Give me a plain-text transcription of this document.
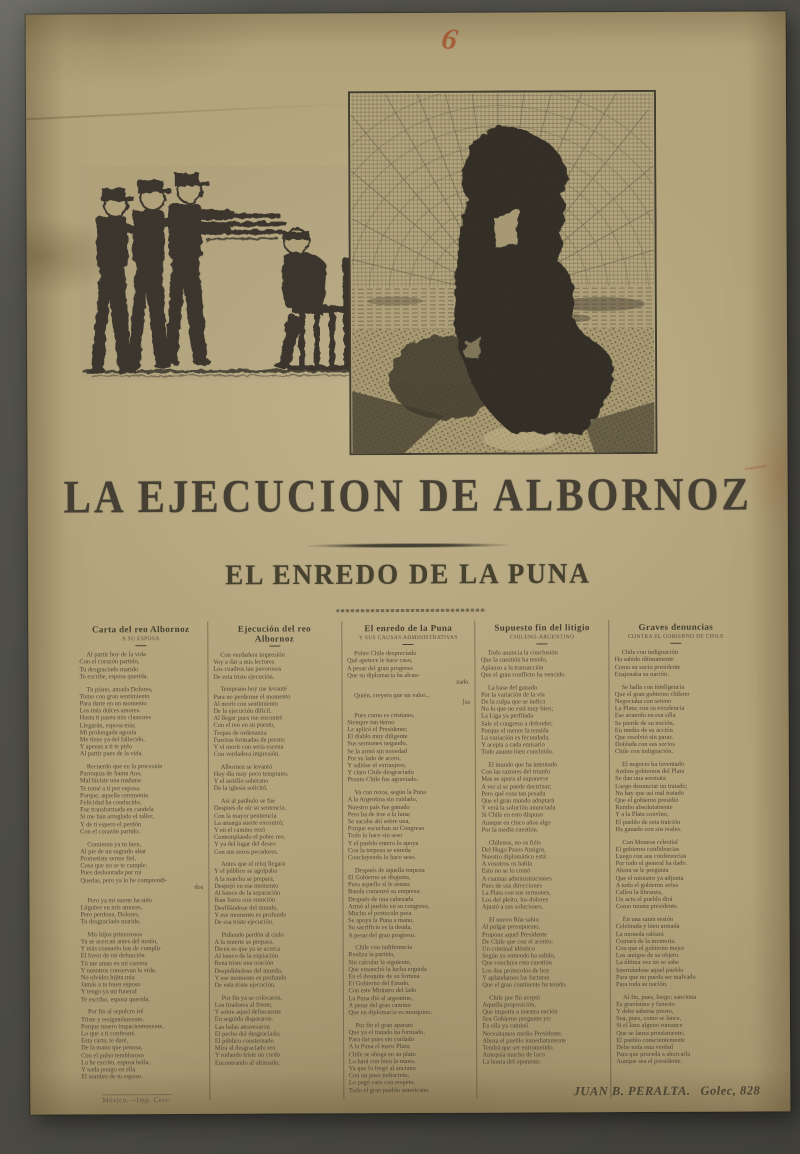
6
LA EJECUCION DE ALBORNOZ
EL ENREDO DE LA PUNA
Carta del reo Albornoz
A SU ESPOSA
Al partir hoy de la vida
Con el corazón partido,
Tu desgraciado marido
Te escribe, esposa querida.
Tu piano, amada Dolores,
Tomo con gran sentimiento
Para darte en un momento
Los más dulces amores.
Hasta ti pasen mis clamores
Llegarán, esposa mía;
Mi prolongada agonía
Me tiene ya del fallecido,
Y apenas a ti te pido
Al partir pues de la vida.
Recuerdo que en la procesión
Parroquia de Santa Ana,
Mal hiciste una mañana
Te tomé a ti por esposa.
Porque, aquella ceremonia
Felicidad ha conducido,
Fue transformada en candela
Si me han arreglado el taller,
Y de ti espero el perdón
Con el corazón partido.
Comieron ya tu bien,
Al pie de un sagrado altar
Prometiste serme fiel,
Cosa que no se te cumple;
Pues deshonrada por mí
Quedas, pero ya lo he comprendi-
dos
Pero ya mi suerte ha sido
Lúgubre en mis amores,
Pero perdona, Dolores,
Tu desgraciado marido.
Mis hijos primorosos
Ya se acercan antes del motín,
Y más consuelo has de cumplir
El favor de mi defunción.
Tú me amas en mi carrera
Y nosotros conservan la vida.
No olvides hijita mía
Jamás a tu buen esposo
Y tengo ya mi funeral
Te escribo, esposa querida.
Por fin al sepulcro iré
Triste y resignadamente,
Porque muero impacientemente,
Lo que a ti confesaré.
Esta carta, te daré,
De la mano que penosa,
Con el pulso tembloroso
La he escrito, esposa bella,
Y nada pongo en ella
El nombre de tu esposo.
Ejecución del reo
Albornoz
Con verdadera impresión
Voy a dar a mis lectores
Los cuadros tan pavorosos
De esta triste ejecución.
Temprano hoy me levanté
Para no perderme el momento
Al morir con sentimiento
De la ejecución difícil.
Al llegar pues me encontré
Con el reo en su puesto,
Tropas de ordenanza
Fuerzas formadas de presto;
Y vi morir con seria escena
Con verdadera impresión.
Albornoz se levantó
Hoy día muy poco temprano,
Y el auxilio soberano
De la iglesia solicitó.
Así al patíbulo se fue
Después de oír su sentencia,
Con la mayor penitencia
La amarga suerte encontró;
Y en el camino rezó
Contemplando el pobre reo,
Y ya del lugar del deseo
Con sus rezos pecadores.
Antes que el reloj llegara
Y el público se agolpaba
A la marcha se prepara,
Despejó en ese momento
Al banco de la separación
Iban listos con emoción
Desfilándose del mundo,
Y ese momento es profundo
De esa triste ejecución.
Pidiendo perdón al cielo
A la muerte se prepara.
Dicen es que ya se acerca
Al banco de la expiación
Reza triste una oración
Despidiéndose del mundo,
Y ese momento es profundo
De esta triste ejecución.
Por fin ya se colocaron,
Los tiradores al frente,
Y sobre aquel delincuente
En seguida dispararon.
Las balas atravesaron
El pecho del desgraciado;
El público consternado
Mira al desgraciado reo
Y rodando triste un credo
Encontrando al ultimado.
El enredo de la Puna
Y SUS CAUSAS ADMINISTRATIVAS
Pobre Chile despreciado
Qué apetece le hace caso,
A pesar del gran progreso
Que su diplomacia ha alcan-
zado.
Quién, creyera que un valor...
[sa
Pues como es cristiano,
Siempre tan tierno
Le aplicó el Presidente;
El diablo muy diligente
Sus sermones negando,
Se la armó sin novedad
Por su lado de acero,
Y salióse el extranjero,
Y claro Chile desgraciado
Pronto Chile fue agraviado.
Va con rezos, según la Puna
A la Argentina sin cuidado,
Nuestro país fue ganado
Pero ha de irse a la luna;
Se sacaba ahí sobre una,
Porque escuchan su Congreso
Todo lo hace sin seso
Y el pueblo entero lo apoya
Con la torpeza se enreda
Concluyendo lo hace seso.
Después de aquella torpeza
El Gobierno se disgusta,
Pues aquello sí le asusta
Banda comenzó su empresa:
Después de una cabezada
Armó al pueblo en su congreso,
Mucho el protocolo pesa
Se apoya la Puna a mano,
Su sacrificio es la deuda,
A pesar del gran progreso.
Chile con indiferencia
Realiza la partida,
Sin calcular la siguiente,
Que ensanchó la lucha erguida
En el desquite de su fortuna
El Gobierno del Estado,
Con este Ministro del lado
La Puna dió al argentino,
A pesar del gran camino
Que en diplomacia es mezquino.
Por fin el gran aparato
Que ya el tratado ha formado,
Para dar pues sin cuidado
A la Puna el mero Plata;
Chile se ahoga en su plato
Lo hará con bien la mano,
Ya que lo fregó al anciano
Con un paso indiscreto,
Lo pagó caro con respeto,
Todo el gran pueblo americano.
Supuesto fin del litigio
CHILENO-ARGENTINO
Todo anuncia la conclusión
Que la cuestión ha tenido,
Aplauso a la transacción
Que el gran conflicto ha vencido.
La base del ganado
Por la variación de la vía
De la culpa que se indica
No lo que no está muy bien;
La Liga ya perfilada
Sale el congreso a defender,
Porque el menor la temida
La variación es fecundada,
Y acepta a cada emisario
Todo asunto bien concluido.
El mundo que ha intentado
Con las razones del triunfo
Mas se apura al suponerse
A ver si se puede doctrinar;
Pero qué cosa tan pesada
Que el gran mundo adoptará
Y verá la solución anunciada
Si Chile en esto dispuso
Aunque en cinco años algo
Por la media cuestión.
Chilenos, no os fiéis
Del Hugo Pasos Amigos,
Nuestro diplomático está:
A vosotros os habla
Esto no se lo contó
A cuantas administraciones
Pues de sus direcciones
La Plata con sus sermones,
Los del pleito, los dolores
Ajustó a sus soluciones.
El nuevo Rúa sabio
Al pulgar presupuesto,
Propone aquel Presidente
De Chile que con el acento;
Un criminal idéntico
Según ya entiendo ha salido,
Que concluya esta cuestión
Los dos protocolos de hoy
Y aplaudamos las facturas
Que el gran continente ha tenido.
Chile por fin aceptó
Aquella proposición,
Que importa a nuestra nación
Sea Gobierno pregunto yo:
En ella ya caminó
Necesitamos medio Presidente,
Ahora el pueblo inmediatamente
Tendrá que ser entrometido,
Autopsia mucho de loco
La honra del oponente.
Graves denuncias
CONTRA EL GOBIERNO DE CHILE
Chile con indignación
Ha sabido últimamente
Como su socio presidente
Enajenaba su nación.
Se halla con inteligencia
Que el gran gobierno chileno
Negociaba con sereno
La Plata; con su excelencia
Ese acuerdo en esa silla
Se pierde de su noción,
En medio de su acción
Que resolvió sin parar,
Doblada con sus socios
Chile con indignación.
El negocio ha inventado
Ambos gobiernos del Plata
Se dan una serenata
Luego denunciar un tratado;
No hay que así mal tratado
Que el gobierno presidió
Rumbo absolutamente
Y a la Plata convino,
El pueblo de esta traición
Ha ganado con sus reales.
Con Moneos celestial
El gobierno confidencias
Luego con sus conferencias
Por todo el general ha dado.
Ahora se le pregunta
Que el ministro ya adjunta
A todo el gobierno avisa
Callen la libranza,
Un acto el pueblo dirá
Como monta presidente.
En una santa sesión
Celebrada y bien armada
La moneda rabiará
Contará de la memoria.
Con que el gobierno mejor
Los amigos de su objeto.
La última vez no se sabe
Internándose aquel pueblo
Para que no pueda ser malvado
Para toda su nación.
Al fin, pues, luego; sanciona
Es gravísimo y funesto
Y debe saberse presto,
Sea, pues, como se lance,
Si el lazo alguno romance
Que se lanza prontamente;
El pueblo conscientemente
Debe toda esta verdad
Para que proceda a ahorcarla
Aunque sea el presidente.
México.—Imp. Cerv.
JUAN B. PERALTA. Golec, 828
